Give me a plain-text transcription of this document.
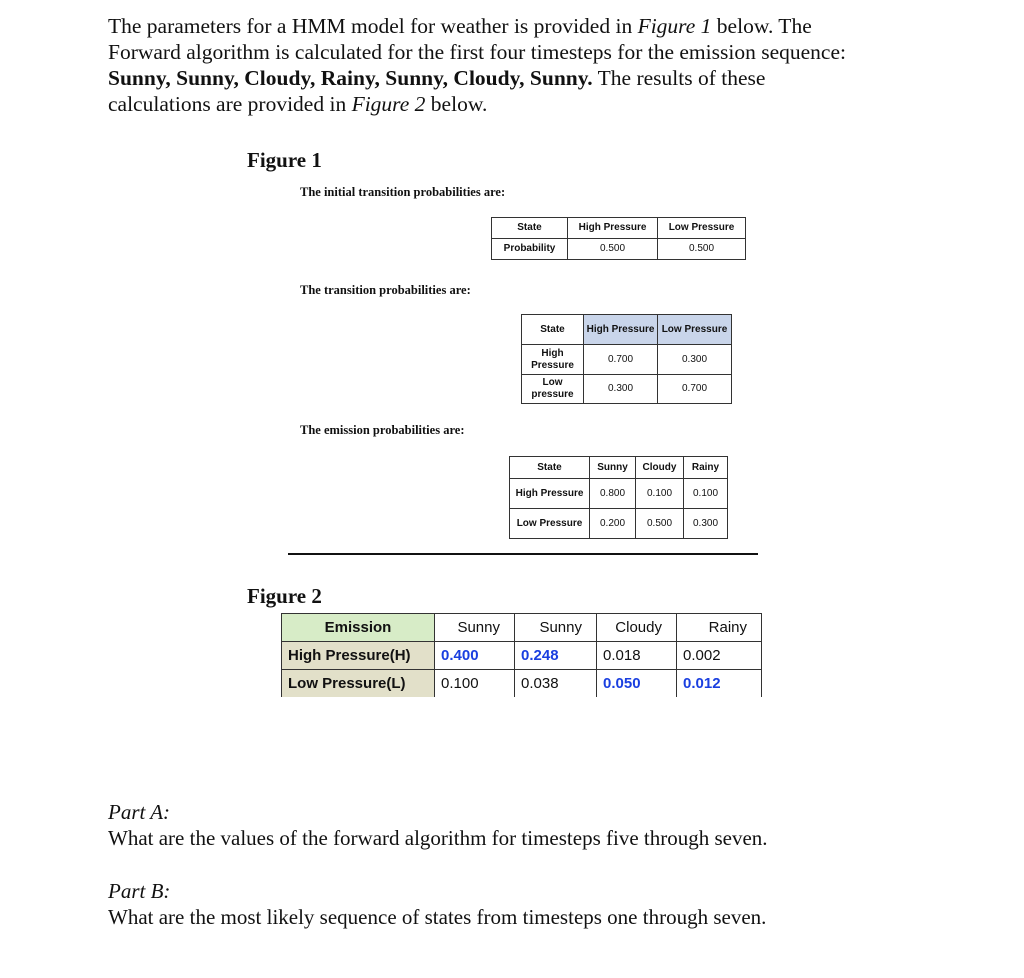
The parameters for a HMM model for weather is provided in Figure 1 below. The
Forward algorithm is calculated for the first four timesteps for the emission sequence:
Sunny, Sunny, Cloudy, Rainy, Sunny, Cloudy, Sunny. The results of these
calculations are provided in Figure 2 below.
Figure 1
The initial transition probabilities are:
State	High Pressure	Low Pressure
Probability	0.500	0.500
The transition probabilities are:
State	High Pressure	Low Pressure
High Pressure	0.700	0.300
Low pressure	0.300	0.700
The emission probabilities are:
State	Sunny	Cloudy	Rainy
High Pressure	0.800	0.100	0.100
Low Pressure	0.200	0.500	0.300
Figure 2
Emission	Sunny	Sunny	Cloudy	Rainy
High Pressure(H)	0.400	0.248	0.018	0.002
Low Pressure(L)	0.100	0.038	0.050	0.012
Part A:
What are the values of the forward algorithm for timesteps five through seven.
Part B:
What are the most likely sequence of states from timesteps one through seven.
